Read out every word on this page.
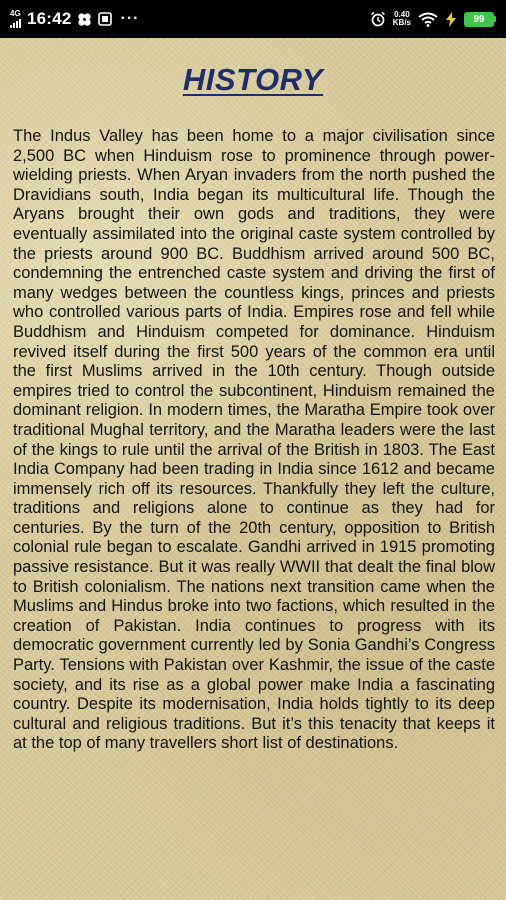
4G 16:42	···	0.40
KB/s	99
HISTORY

The Indus Valley has been home to a major civilisation since 2,500 BC when Hinduism rose to prominence through power-wielding priests. When Aryan invaders from the north pushed the Dravidians south, India began its multicultural life. Though the Aryans brought their own gods and traditions, they were eventually assimilated into the original caste system controlled by the priests around 900 BC. Buddhism arrived around 500 BC, condemning the entrenched caste system and driving the first of many wedges between the countless kings, princes and priests who controlled various parts of India. Empires rose and fell while Buddhism and Hinduism competed for dominance. Hinduism revived itself during the first 500 years of the common era until the first Muslims arrived in the 10th century. Though outside empires tried to control the subcontinent, Hinduism remained the dominant religion. In modern times, the Maratha Empire took over traditional Mughal territory, and the Maratha leaders were the last of the kings to rule until the arrival of the British in 1803. The East India Company had been trading in India since 1612 and became immensely rich off its resources. Thankfully they left the culture, traditions and religions alone to continue as they had for centuries. By the turn of the 20th century, opposition to British colonial rule began to escalate. Gandhi arrived in 1915 promoting passive resistance. But it was really WWII that dealt the final blow to British colonialism. The nations next transition came when the Muslims and Hindus broke into two factions, which resulted in the creation of Pakistan. India continues to progress with its democratic government currently led by Sonia Gandhi’s Congress Party. Tensions with Pakistan over Kashmir, the issue of the caste society, and its rise as a global power make India a fascinating country. Despite its modernisation, India holds tightly to its deep cultural and religious traditions. But it’s this tenacity that keeps it at the top of many travellers short list of destinations.
